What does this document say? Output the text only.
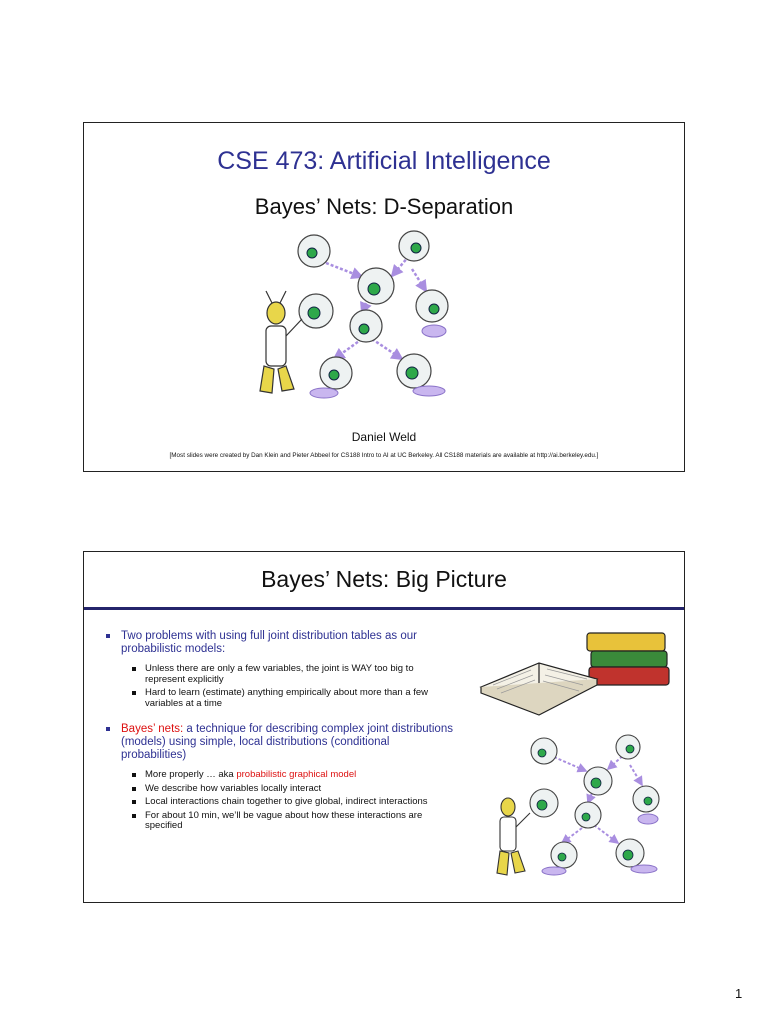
CSE 473: Artificial Intelligence
Bayes’ Nets: D-Separation
Daniel Weld
[Most slides were created by Dan Klein and Pieter Abbeel for CS188 Intro to AI at UC Berkeley. All CS188 materials are available at http://ai.berkeley.edu.]
Bayes’ Nets: Big Picture
Two problems with using full joint distribution tables as our probabilistic models:
Unless there are only a few variables, the joint is WAY too big to represent explicitly
Hard to learn (estimate) anything empirically about more than a few variables at a time
Bayes’ nets: a technique for describing complex joint distributions (models) using simple, local distributions (conditional probabilities)
More properly … aka probabilistic graphical model
We describe how variables locally interact
Local interactions chain together to give global, indirect interactions
For about 10 min, we’ll be vague about how these interactions are specified
1
